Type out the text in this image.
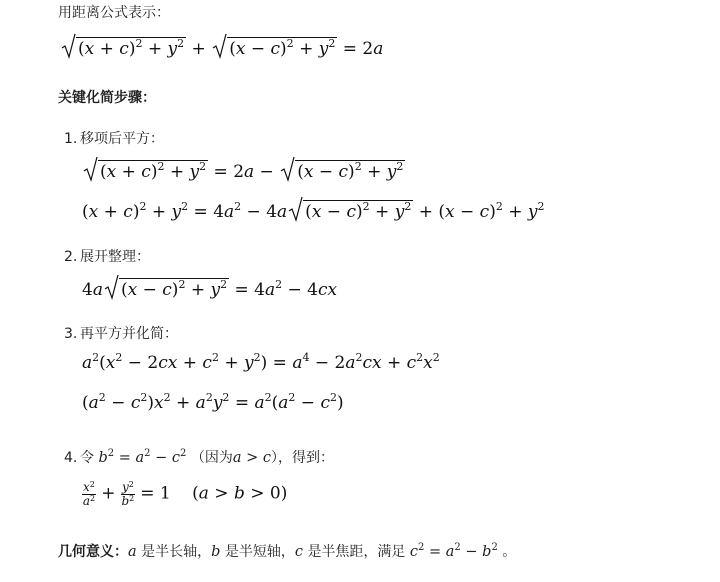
用距离公式表示：
$(x + c)^2 + y^2$ +
$(x - c)^2 + y^2 = 2a$
关键化简步骤：
1. 移项后平方：
$(x + c)^2 + y^2 = 2a$ −
$(x - c)^2 + y^2$
$(x + c)^2 + y^2 = 4a^2 - 4a$ $(x - c)^2 + y^2 + (x - c)^2 + y^2$
2. 展开整理：
4a $(x - c)^2 + y^2 = 4a^2 - 4cx$
3. 再平方并化简：
$a^2(x^2 - 2cx + c^2 + y^2) = a^4 - 2a^2cx + c^2x^2$
$(a^2 - c^2)x^2 + a^2y^2 = a^2(a^2 - c^2)$
4. 令 $b^2 = a^2 - c^2$ （因为a > c），得到：
$\frac{x^2}{a^2} + \frac{y^2}{b^2} = 1$ (a > b > 0)
几何意义：a 是半长轴，b 是半短轴，c 是半焦距，满足 $c^2 = a^2 - b^2$ 。
